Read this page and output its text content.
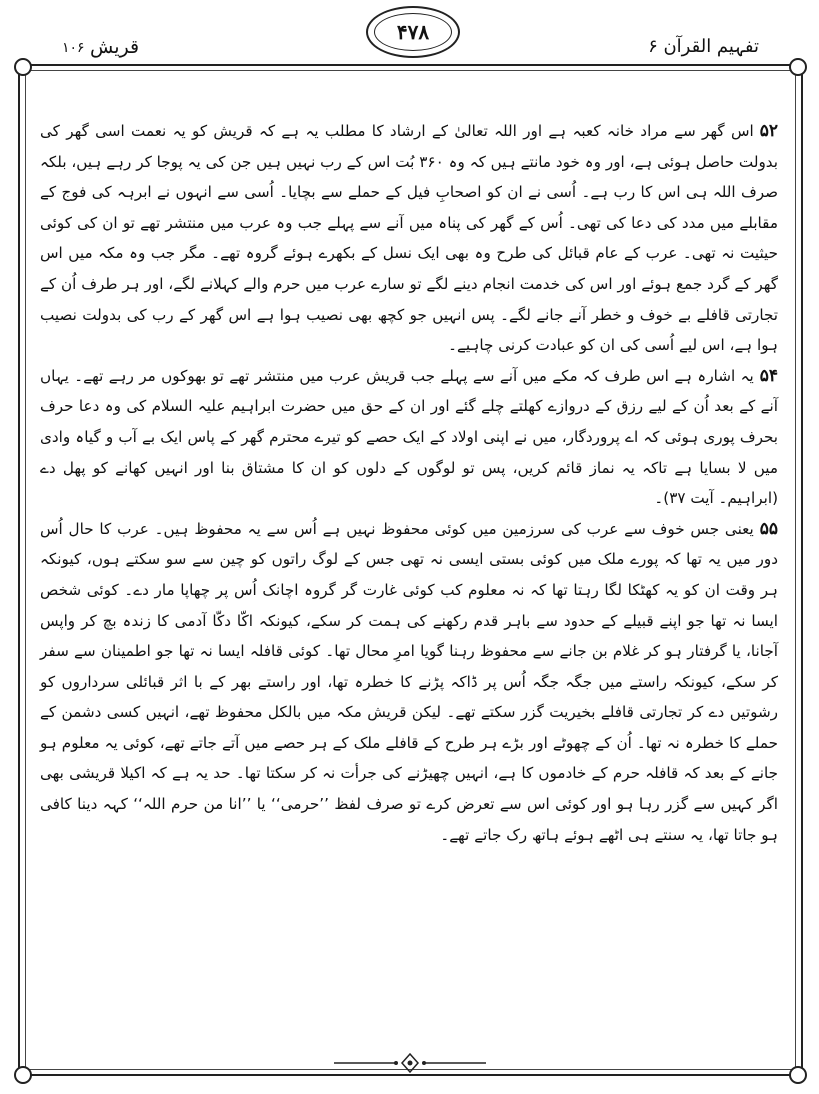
۴۷۸
تفہیم القرآن ۶
قریش
۱۰۶

۵۲اس گھر سے مراد خانہ کعبہ ہے اور اللہ تعالیٰ کے ارشاد کا مطلب یہ ہے کہ قریش کو یہ نعمت اسی گھر کی بدولت حاصل ہوئی ہے، اور وہ خود مانتے ہیں کہ وہ ۳۶۰ بُت اس کے رب نہیں ہیں جن کی یہ پوجا کر رہے ہیں، بلکہ صرف اللہ ہی اس کا رب ہے۔ اُسی نے ان کو اصحابِ فیل کے حملے سے بچایا۔ اُسی سے انہوں نے ابرہہ کی فوج کے مقابلے میں مدد کی دعا کی تھی۔ اُس کے گھر کی پناہ میں آنے سے پہلے جب وہ عرب میں منتشر تھے تو ان کی کوئی حیثیت نہ تھی۔ عرب کے عام قبائل کی طرح وہ بھی ایک نسل کے بکھرے ہوئے گروہ تھے۔ مگر جب وہ مکہ میں اس گھر کے گرد جمع ہوئے اور اس کی خدمت انجام دینے لگے تو سارے عرب میں حرم والے کہلانے لگے، اور ہر طرف اُن کے تجارتی قافلے بے خوف و خطر آنے جانے لگے۔ پس انہیں جو کچھ بھی نصیب ہوا ہے اس گھر کے رب کی بدولت نصیب ہوا ہے، اس لیے اُسی کی ان کو عبادت کرنی چاہیے۔

۵۴یہ اشارہ ہے اس طرف کہ مکے میں آنے سے پہلے جب قریش عرب میں منتشر تھے تو بھوکوں مر رہے تھے۔ یہاں آنے کے بعد اُن کے لیے رزق کے دروازے کھلتے چلے گئے اور ان کے حق میں حضرت ابراہیم علیہ السلام کی وہ دعا حرف بحرف پوری ہوئی کہ اے پروردگار، میں نے اپنی اولاد کے ایک حصے کو تیرے محترم گھر کے پاس ایک بے آب و گیاہ وادی میں لا بسایا ہے تاکہ یہ نماز قائم کریں، پس تو لوگوں کے دلوں کو ان کا مشتاق بنا اور انہیں کھانے کو پھل دے (ابراہیم۔ آیت ۳۷)۔

۵۵یعنی جس خوف سے عرب کی سرزمین میں کوئی محفوظ نہیں ہے اُس سے یہ محفوظ ہیں۔ عرب کا حال اُس دور میں یہ تھا کہ پورے ملک میں کوئی بستی ایسی نہ تھی جس کے لوگ راتوں کو چین سے سو سکتے ہوں، کیونکہ ہر وقت ان کو یہ کھٹکا لگا رہتا تھا کہ نہ معلوم کب کوئی غارت گر گروہ اچانک اُس پر چھاپا مار دے۔ کوئی شخص ایسا نہ تھا جو اپنے قبیلے کے حدود سے باہر قدم رکھنے کی ہمت کر سکے، کیونکہ اکّا دکّا آدمی کا زندہ بچ کر واپس آجانا، یا گرفتار ہو کر غلام بن جانے سے محفوظ رہنا گویا امرِ محال تھا۔ کوئی قافلہ ایسا نہ تھا جو اطمینان سے سفر کر سکے، کیونکہ راستے میں جگہ جگہ اُس پر ڈاکہ پڑنے کا خطرہ تھا، اور راستے بھر کے با اثر قبائلی سرداروں کو رشوتیں دے کر تجارتی قافلے بخیریت گزر سکتے تھے۔ لیکن قریش مکہ میں بالکل محفوظ تھے، انہیں کسی دشمن کے حملے کا خطرہ نہ تھا۔ اُن کے چھوٹے اور بڑے ہر طرح کے قافلے ملک کے ہر حصے میں آتے جاتے تھے، کوئی یہ معلوم ہو جانے کے بعد کہ قافلہ حرم کے خادموں کا ہے، انہیں چھیڑنے کی جرأت نہ کر سکتا تھا۔ حد یہ ہے کہ اکیلا قریشی بھی اگر کہیں سے گزر رہا ہو اور کوئی اس سے تعرض کرے تو صرف لفظ ’’حرمی‘‘ یا ’’انا من حرم اللہ‘‘ کہہ دینا کافی ہو جاتا تھا، یہ سنتے ہی اٹھے ہوئے ہاتھ رک جاتے تھے۔
